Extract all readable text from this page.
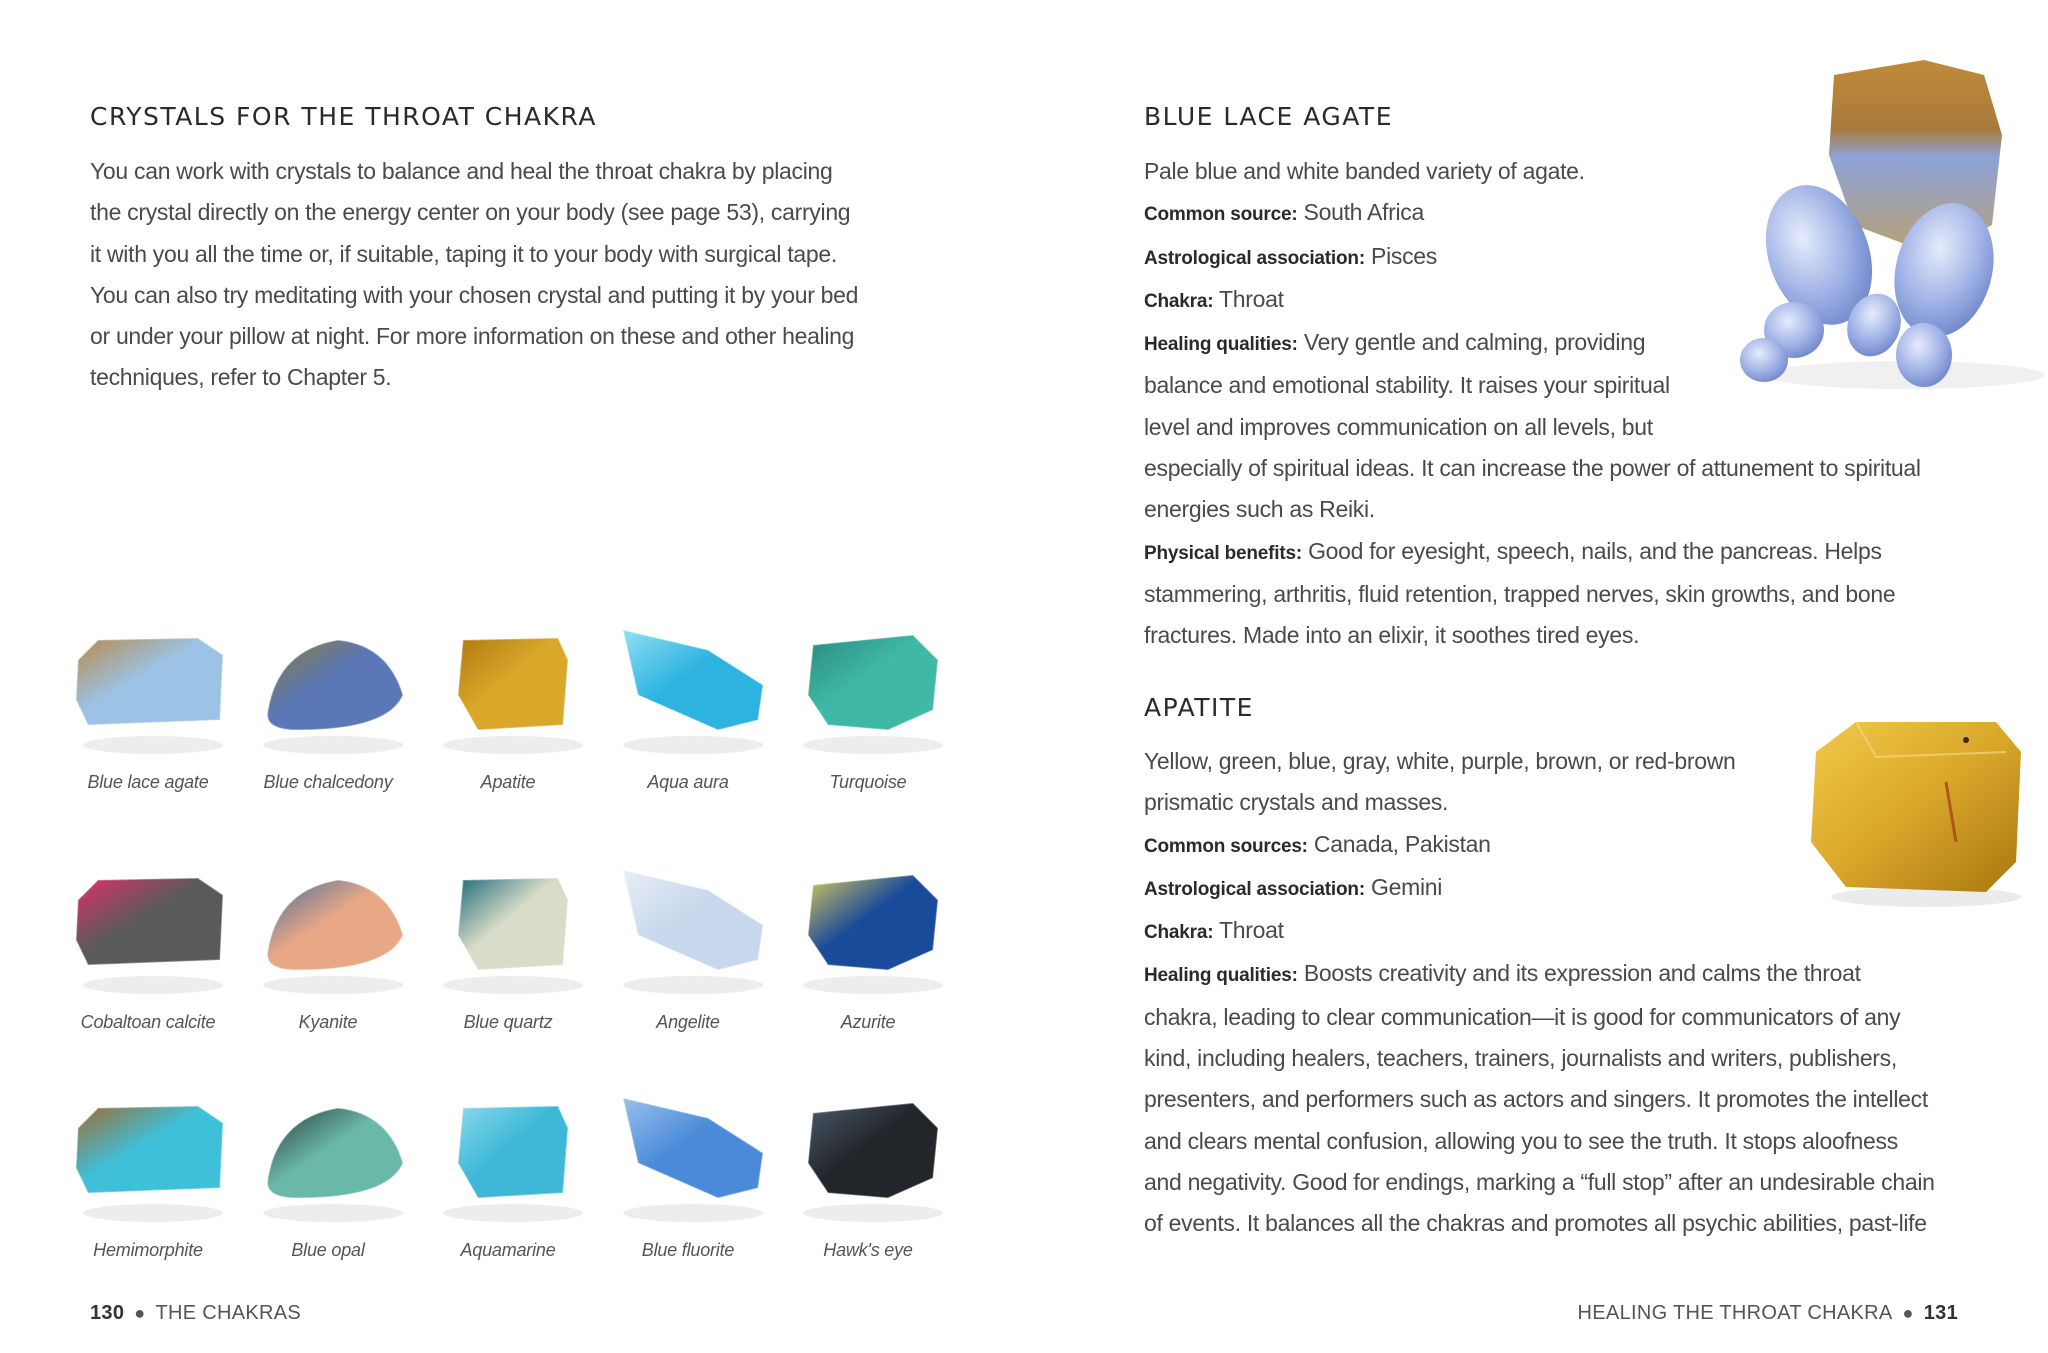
CRYSTALS FOR THE THROAT CHAKRA

You can work with crystals to balance and heal the throat chakra by placing
the crystal directly on the energy center on your body (see page 53), carrying
it with you all the time or, if suitable, taping it to your body with surgical tape.
You can also try meditating with your chosen crystal and putting it by your bed
or under your pillow at night. For more information on these and other healing
techniques, refer to Chapter 5.

Blue lace agate	Blue chalcedony	Apatite	Aqua aura	Turquoise
Cobaltoan calcite	Kyanite	Blue quartz	Angelite	Azurite
Hemimorphite	Blue opal	Aquamarine	Blue fluorite	Hawk's eye
130 ● THE CHAKRAS
BLUE LACE AGATE

Pale blue and white banded variety of agate.
Common source: South Africa
Astrological association: Pisces
Chakra: Throat
Healing qualities: Very gentle and calming, providing
balance and emotional stability. It raises your spiritual
level and improves communication on all levels, but
especially of spiritual ideas. It can increase the power of attunement to spiritual
energies such as Reiki.
Physical benefits: Good for eyesight, speech, nails, and the pancreas. Helps
stammering, arthritis, fluid retention, trapped nerves, skin growths, and bone
fractures. Made into an elixir, it soothes tired eyes.

APATITE

Yellow, green, blue, gray, white, purple, brown, or red-brown
prismatic crystals and masses.
Common sources: Canada, Pakistan
Astrological association: Gemini
Chakra: Throat
Healing qualities: Boosts creativity and its expression and calms the throat
chakra, leading to clear communication—it is good for communicators of any
kind, including healers, teachers, trainers, journalists and writers, publishers,
presenters, and performers such as actors and singers. It promotes the intellect
and clears mental confusion, allowing you to see the truth. It stops aloofness
and negativity. Good for endings, marking a “full stop” after an undesirable chain
of events. It balances all the chakras and promotes all psychic abilities, past-life

HEALING THE THROAT CHAKRA ● 131
